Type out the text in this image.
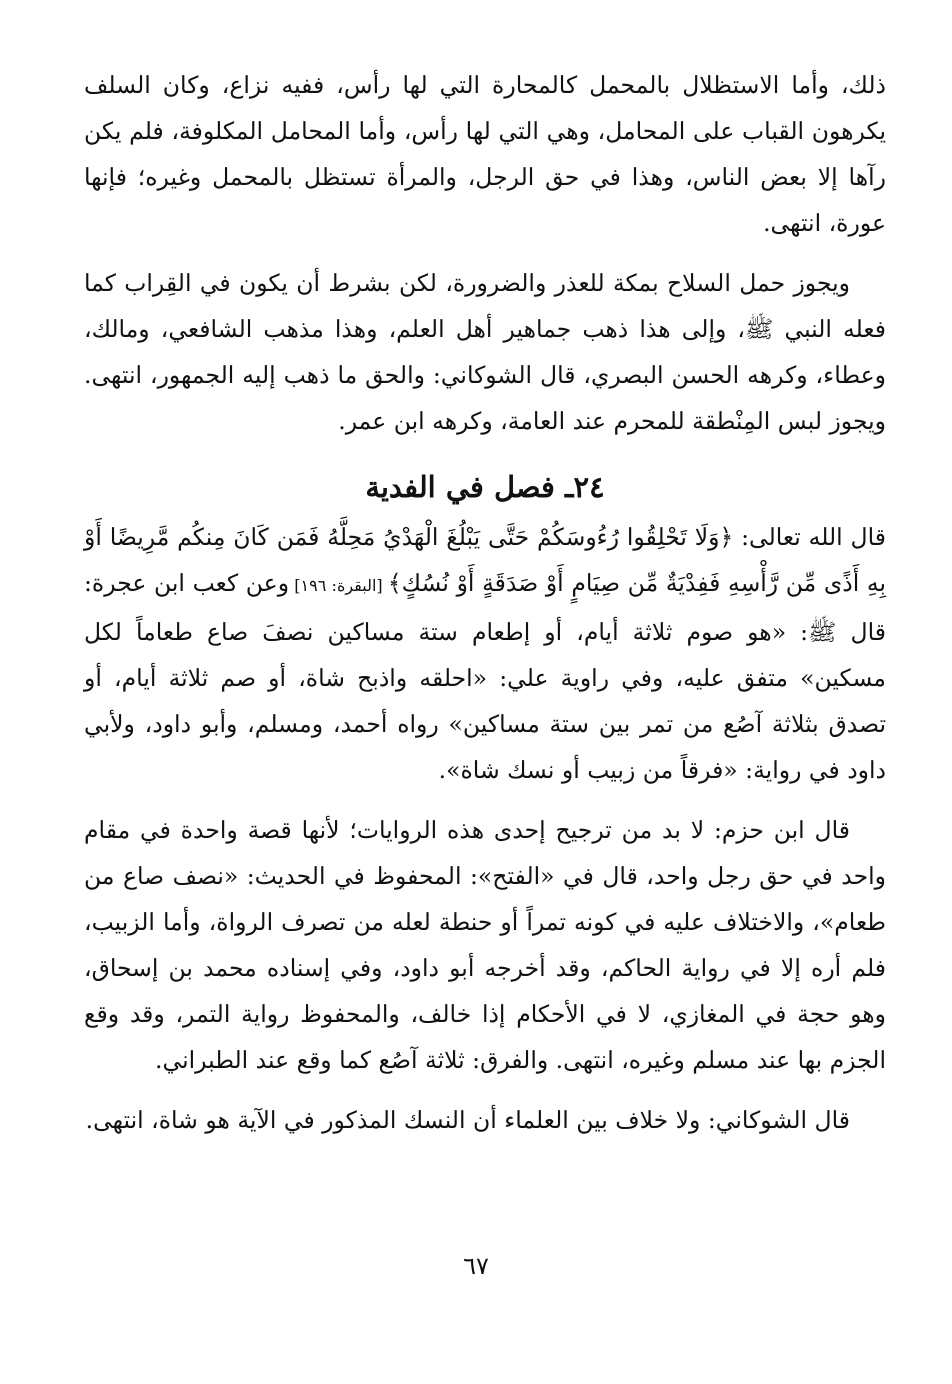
ذلك، وأما الاستظلال بالمحمل كالمحارة التي لها رأس، ففيه نزاع، وكان السلف يكرهون القباب على المحامل، وهي التي لها رأس، وأما المحامل المكلوفة، فلم يكن رآها إلا بعض الناس، وهذا في حق الرجل، والمرأة تستظل بالمحمل وغيره؛ فإنها عورة، انتهى.

ويجوز حمل السلاح بمكة للعذر والضرورة، لكن بشرط أن يكون في القِراب كما فعله النبي ﷺ، وإلى هذا ذهب جماهير أهل العلم، وهذا مذهب الشافعي، ومالك، وعطاء، وكرهه الحسن البصري، قال الشوكاني: والحق ما ذهب إليه الجمهور، انتهى. ويجوز لبس المِنْطقة للمحرم عند العامة، وكرهه ابن عمر.

٢٤ـ فصل في الفدية

قال الله تعالى: ﴿وَلَا تَحْلِقُوا رُءُوسَكُمْ حَتَّى يَبْلُغَ الْهَدْيُ مَحِلَّهُ فَمَن كَانَ مِنكُم مَّرِيضًا أَوْ بِهِ أَذًى مِّن رَّأْسِهِ فَفِدْيَةٌ مِّن صِيَامٍ أَوْ صَدَقَةٍ أَوْ نُسُكٍ﴾ [البقرة: ١٩٦] وعن كعب ابن عجرة: قال ﷺ: «هو صوم ثلاثة أيام، أو إطعام ستة مساكين نصفَ صاع طعاماً لكل مسكين» متفق عليه، وفي راوية علي: «احلقه واذبح شاة، أو صم ثلاثة أيام، أو تصدق بثلاثة آصُع من تمر بين ستة مساكين» رواه أحمد، ومسلم، وأبو داود، ولأبي داود في رواية: «فرقاً من زبيب أو نسك شاة».

قال ابن حزم: لا بد من ترجيح إحدى هذه الروايات؛ لأنها قصة واحدة في مقام واحد في حق رجل واحد، قال في «الفتح»: المحفوظ في الحديث: «نصف صاع من طعام»، والاختلاف عليه في كونه تمراً أو حنطة لعله من تصرف الرواة، وأما الزبيب، فلم أره إلا في رواية الحاكم، وقد أخرجه أبو داود، وفي إسناده محمد بن إسحاق، وهو حجة في المغازي، لا في الأحكام إذا خالف، والمحفوظ رواية التمر، وقد وقع الجزم بها عند مسلم وغيره، انتهى. والفرق: ثلاثة آصُع كما وقع عند الطبراني.

قال الشوكاني: ولا خلاف بين العلماء أن النسك المذكور في الآية هو شاة، انتهى.

٦٧
